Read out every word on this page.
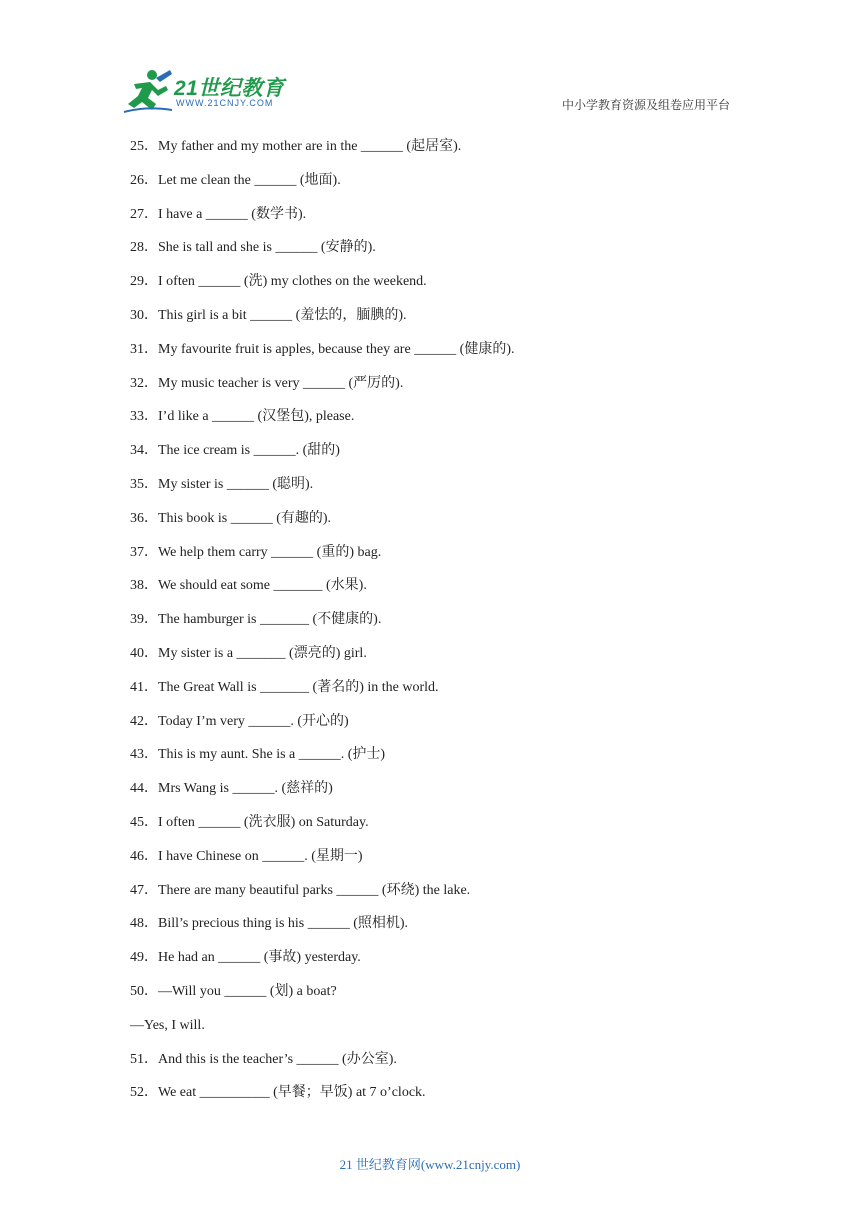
21世纪教育
WWW.21CNJY.COM	中小学教育资源及组卷应用平台
25．My father and my mother are in the ______ (起居室).
26．Let me clean the ______ (地面).
27．I have a ______ (数学书).
28．She is tall and she is ______ (安静的).
29．I often ______ (洗) my clothes on the weekend.
30．This girl is a bit ______ (羞怯的，腼腆的).
31．My favourite fruit is apples, because they are ______ (健康的).
32．My music teacher is very ______ (严厉的).
33．I’d like a ______ (汉堡包), please.
34．The ice cream is ______. (甜的)
35．My sister is ______ (聪明).
36．This book is ______ (有趣的).
37．We help them carry ______ (重的) bag.
38．We should eat some _______ (水果).
39．The hamburger is _______ (不健康的).
40．My sister is a _______ (漂亮的) girl.
41．The Great Wall is _______ (著名的) in the world.
42．Today I’m very ______. (开心的)
43．This is my aunt. She is a ______. (护士)
44．Mrs Wang is ______. (慈祥的)
45．I often ______ (洗衣服) on Saturday.
46．I have Chinese on ______. (星期一)
47．There are many beautiful parks ______ (环绕) the lake.
48．Bill’s precious thing is his ______ (照相机).
49．He had an ______ (事故) yesterday.
50．—Will you ______ (划) a boat?
—Yes, I will.
51．And this is the teacher’s ______ (办公室).
52．We eat __________ (早餐；早饭) at 7 o’clock.
21 世纪教育网(www.21cnjy.com)
